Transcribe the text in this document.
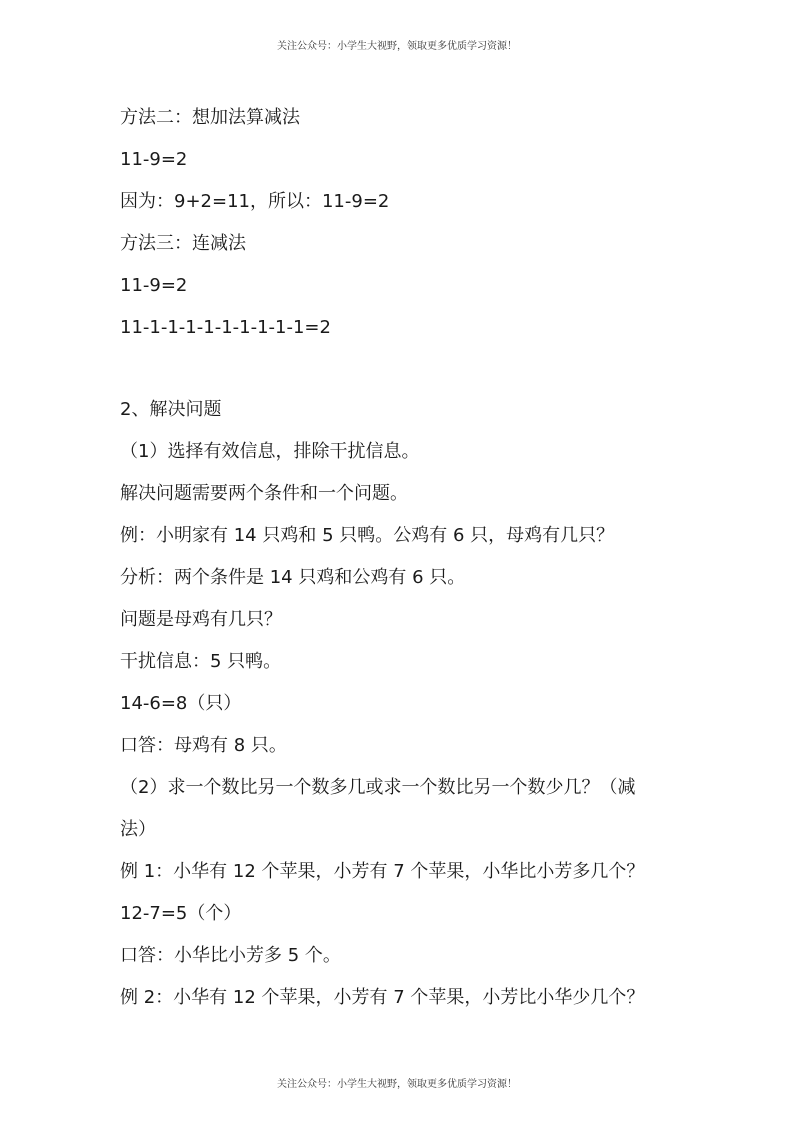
关注公众号：小学生大视野，领取更多优质学习资源！
方法二：想加法算减法
11-9=2
因为：9+2=11，所以：11-9=2
方法三：连减法
11-9=2
11-1-1-1-1-1-1-1-1-1=2
2、解决问题
（1）选择有效信息，排除干扰信息。
解决问题需要两个条件和一个问题。
例：小明家有 14 只鸡和 5 只鸭。公鸡有 6 只，母鸡有几只？
分析：两个条件是 14 只鸡和公鸡有 6 只。
问题是母鸡有几只？
干扰信息：5 只鸭。
14-6=8（只）
口答：母鸡有 8 只。
（2）求一个数比另一个数多几或求一个数比另一个数少几？（减
法）
例 1：小华有 12 个苹果，小芳有 7 个苹果，小华比小芳多几个？
12-7=5（个）
口答：小华比小芳多 5 个。
例 2：小华有 12 个苹果，小芳有 7 个苹果，小芳比小华少几个？
关注公众号：小学生大视野，领取更多优质学习资源！
